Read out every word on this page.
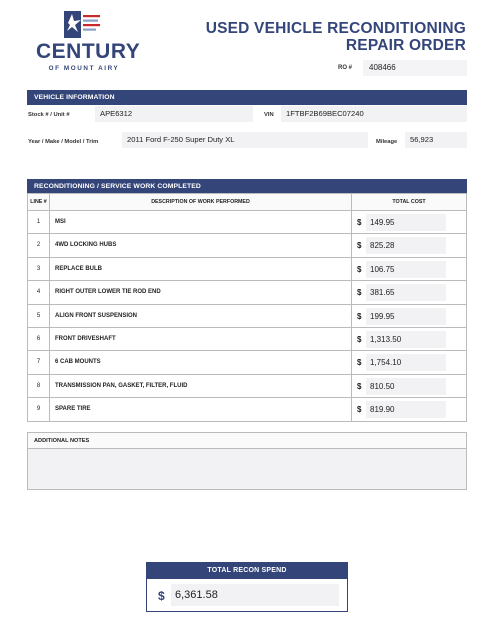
CENTURY
OF MOUNT AIRY
USED VEHICLE RECONDITIONING
REPAIR ORDER
RO #	408466
VEHICLE INFORMATION
Stock # / Unit #	APE6312	VIN	1FTBF2B69BEC07240
Year / Make / Model / Trim	2011 Ford F-250 Super Duty XL	Mileage	56,923
RECONDITIONING / SERVICE WORK COMPLETED
LINE #	DESCRIPTION OF WORK PERFORMED	TOTAL COST
1	MSI	$	149.95
2	4WD LOCKING HUBS	$	825.28
3	REPLACE BULB	$	106.75
4	RIGHT OUTER LOWER TIE ROD END	$	381.65
5	ALIGN FRONT SUSPENSION	$	199.95
6	FRONT DRIVESHAFT	$	1,313.50
7	6 CAB MOUNTS	$	1,754.10
8	TRANSMISSION PAN, GASKET, FILTER, FLUID	$	810.50
9	SPARE TIRE	$	819.90
ADDITIONAL NOTES
TOTAL RECON SPEND
$ 6,361.58
